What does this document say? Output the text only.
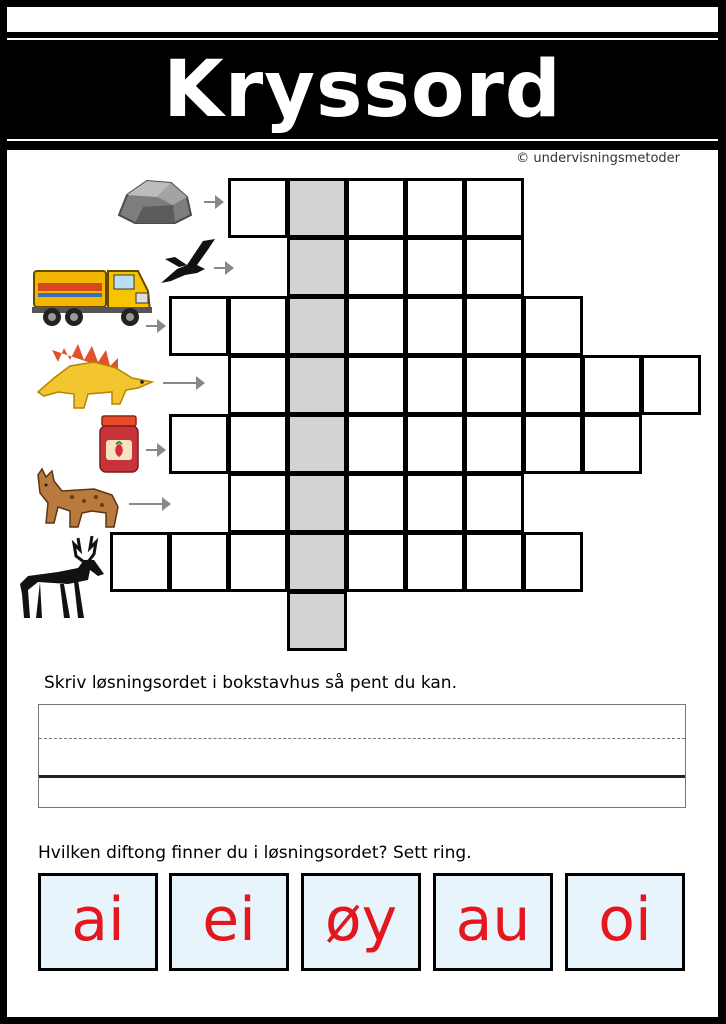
Kryssord
© undervisningsmetoder
Skriv løsningsordet i bokstavhus så pent du kan.
Hvilken diftong finner du i løsningsordet? Sett ring.
ai	ei	øy au	oi
